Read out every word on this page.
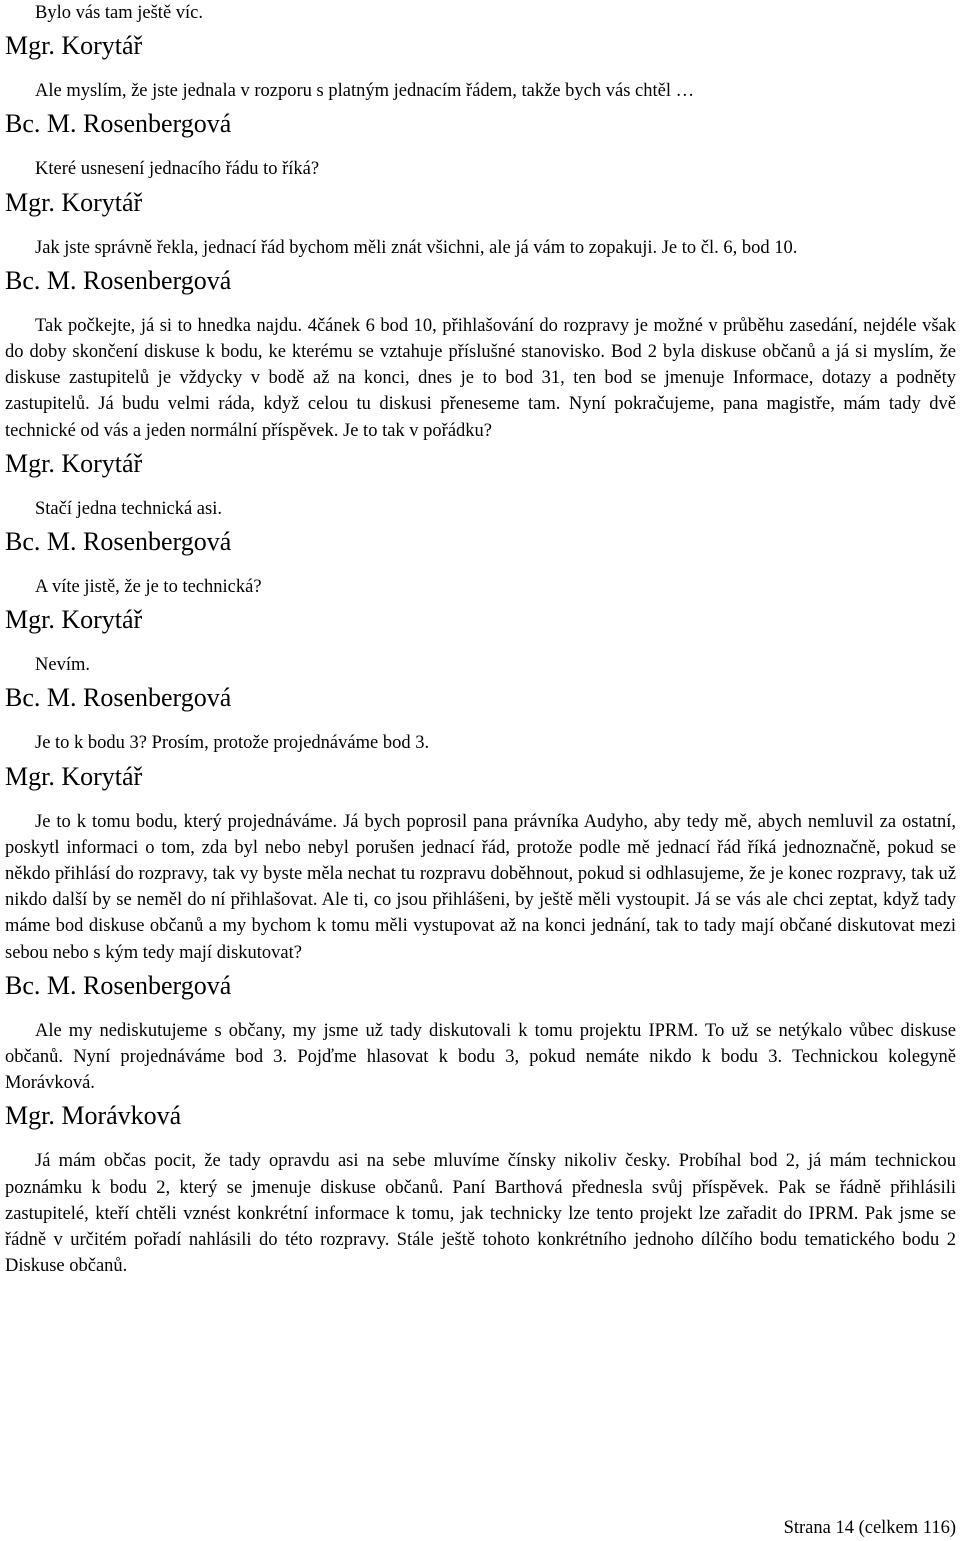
Bylo vás tam ještě víc.
Mgr. Korytář
Ale myslím, že jste jednala v rozporu s platným jednacím řádem, takže bych vás chtěl …
Bc. M. Rosenbergová
Které usnesení jednacího řádu to říká?
Mgr. Korytář
Jak jste správně řekla, jednací řád bychom měli znát všichni, ale já vám to zopakuji. Je to čl. 6, bod 10.
Bc. M. Rosenbergová
Tak počkejte, já si to hnedka najdu. 4čánek 6 bod 10, přihlašování do rozpravy je možné v průběhu zasedání, nejdéle však do doby skončení diskuse k bodu, ke kterému se vztahuje příslušné stanovisko. Bod 2 byla diskuse občanů a já si myslím, že diskuse zastupitelů je vždycky v bodě až na konci, dnes je to bod 31, ten bod se jmenuje Informace, dotazy a podněty zastupitelů. Já budu velmi ráda, když celou tu diskusi přeneseme tam. Nyní pokračujeme, pana magistře, mám tady dvě technické od vás a jeden normální příspěvek. Je to tak v pořádku?
Mgr. Korytář
Stačí jedna technická asi.
Bc. M. Rosenbergová
A víte jistě, že je to technická?
Mgr. Korytář
Nevím.
Bc. M. Rosenbergová
Je to k bodu 3? Prosím, protože projednáváme bod 3.
Mgr. Korytář
Je to k tomu bodu, který projednáváme. Já bych poprosil pana právníka Audyho, aby tedy mě, abych nemluvil za ostatní, poskytl informaci o tom, zda byl nebo nebyl porušen jednací řád, protože podle mě jednací řád říká jednoznačně, pokud se někdo přihlásí do rozpravy, tak vy byste měla nechat tu rozpravu doběhnout, pokud si odhlasujeme, že je konec rozpravy, tak už nikdo další by se neměl do ní přihlašovat. Ale ti, co jsou přihlášeni, by ještě měli vystoupit. Já se vás ale chci zeptat, když tady máme bod diskuse občanů a my bychom k tomu měli vystupovat až na konci jednání, tak to tady mají občané diskutovat mezi sebou nebo s kým tedy mají diskutovat?
Bc. M. Rosenbergová
Ale my nediskutujeme s občany, my jsme už tady diskutovali k tomu projektu IPRM. To už se netýkalo vůbec diskuse občanů. Nyní projednáváme bod 3. Pojďme hlasovat k bodu 3, pokud nemáte nikdo k bodu 3. Technickou kolegyně Morávková.
Mgr. Morávková
Já mám občas pocit, že tady opravdu asi na sebe mluvíme čínsky nikoliv česky. Probíhal bod 2, já mám technickou poznámku k bodu 2, který se jmenuje diskuse občanů. Paní Barthová přednesla svůj příspěvek. Pak se řádně přihlásili zastupitelé, kteří chtěli vznést konkrétní informace k tomu, jak technicky lze tento projekt lze zařadit do IPRM. Pak jsme se řádně v určitém pořadí nahlásili do této rozpravy. Stále ještě tohoto konkrétního jednoho dílčího bodu tematického bodu 2 Diskuse občanů.
Strana 14 (celkem 116)
